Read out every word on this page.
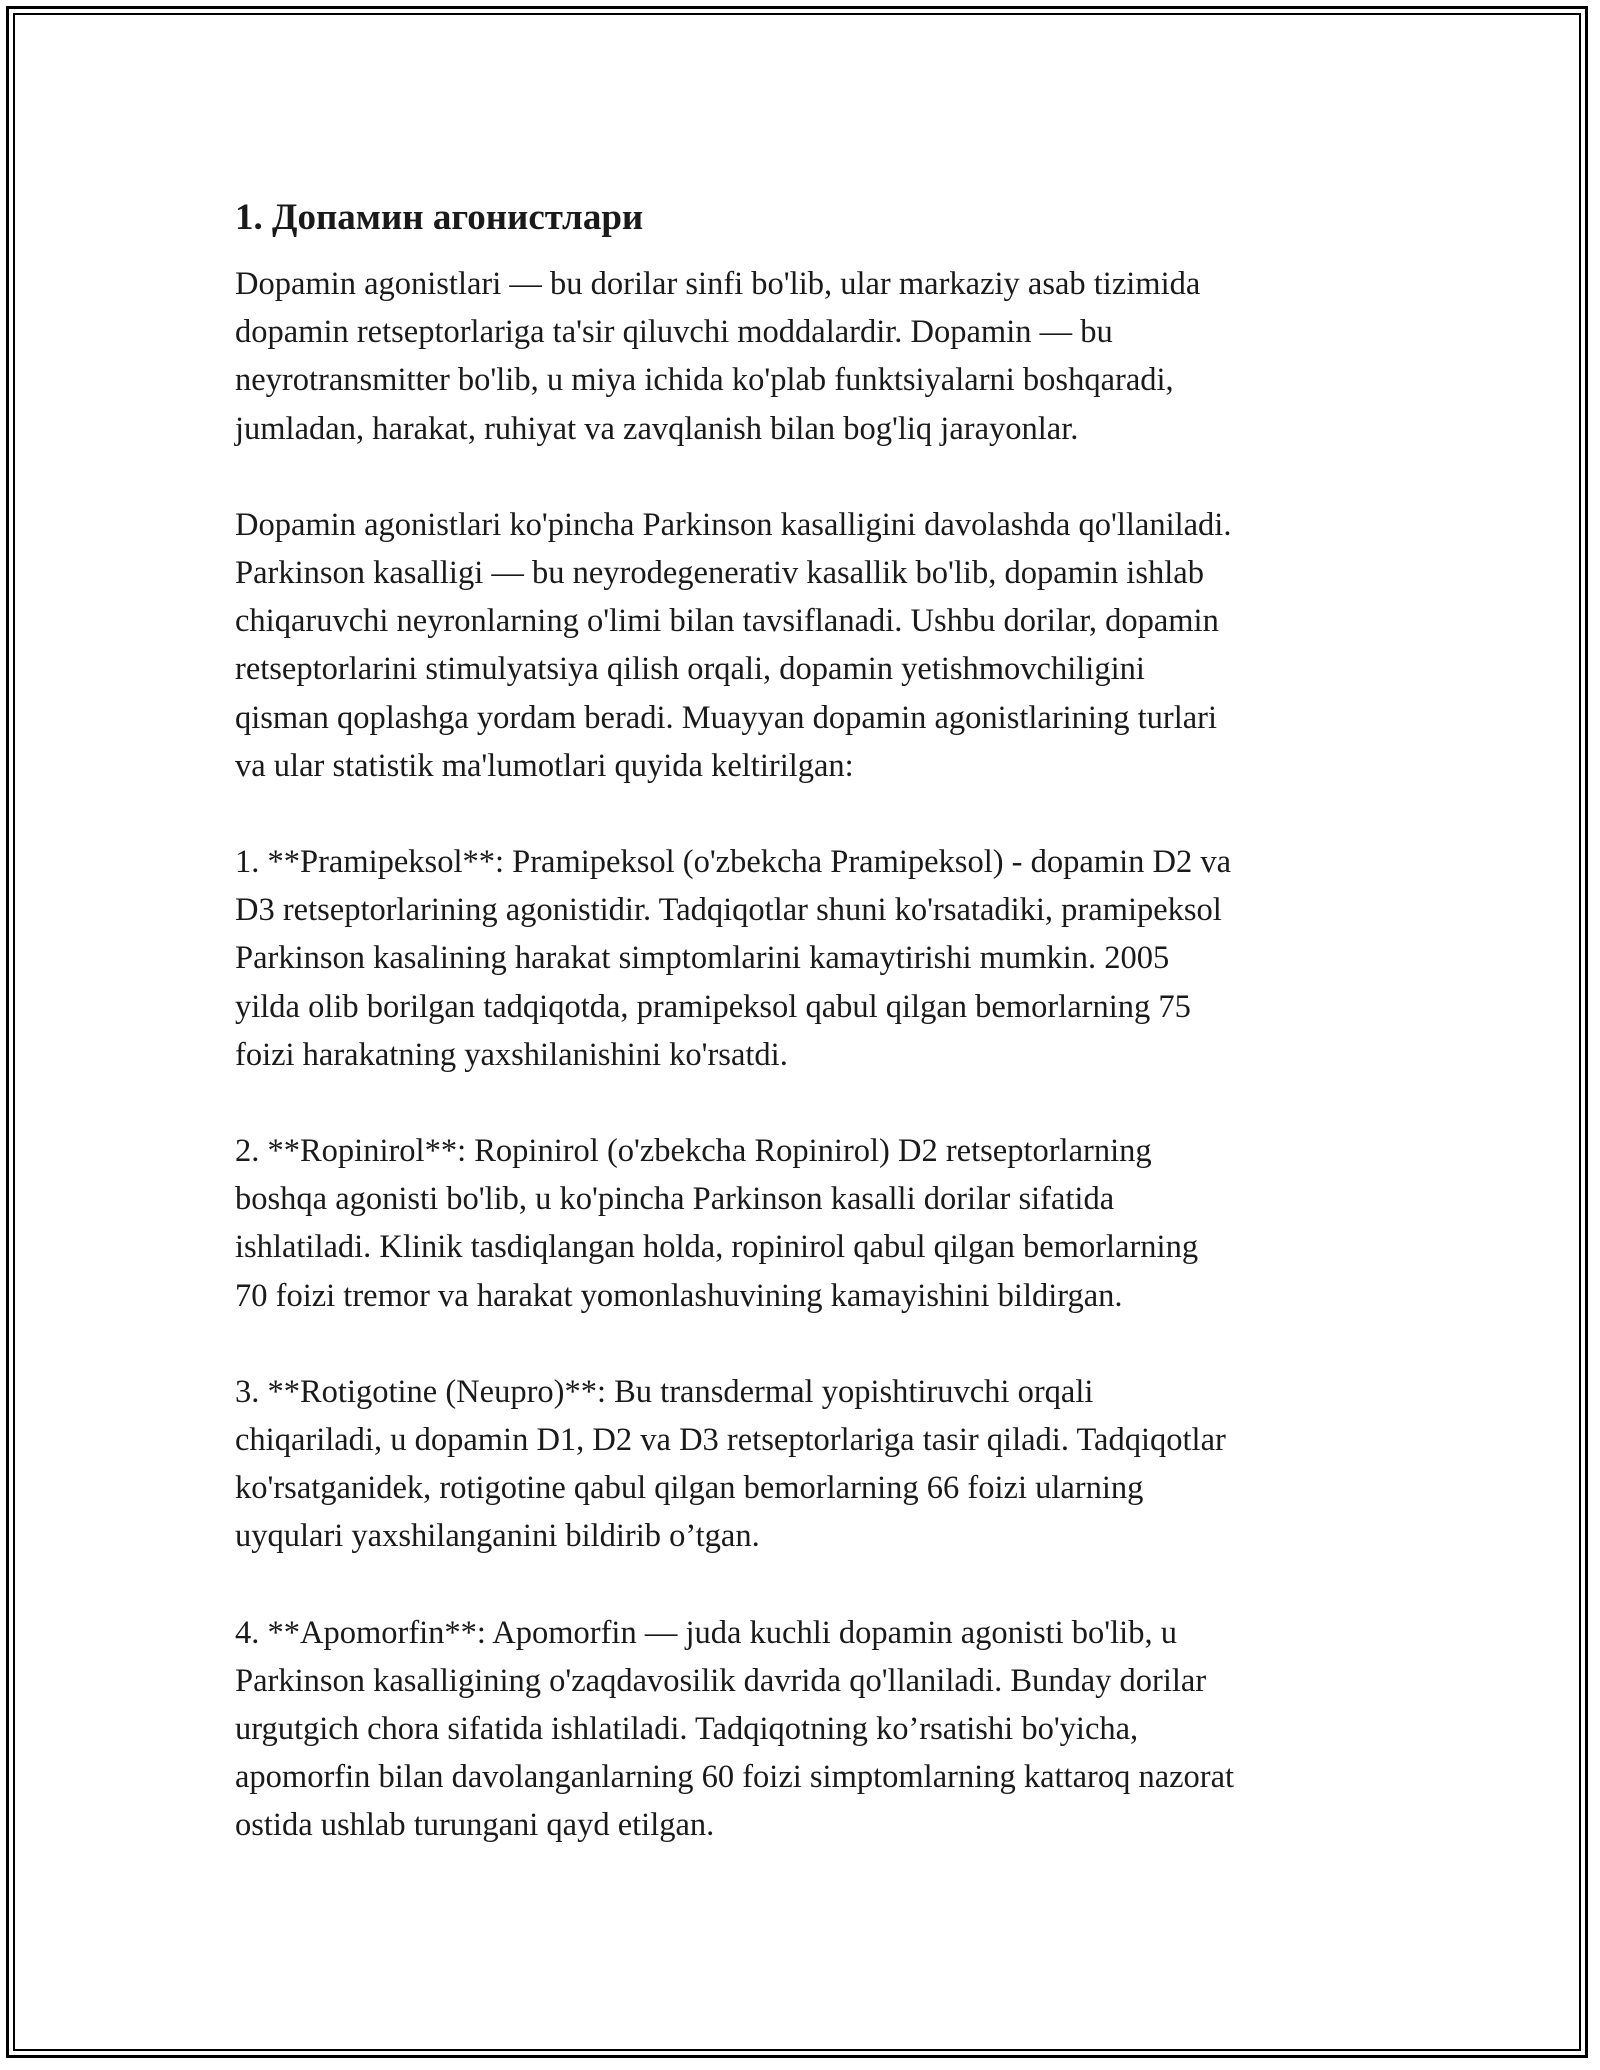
1. Допамин агонистлари
Dopamin agonistlari — bu dorilar sinfi bo'lib, ular markaziy asab tizimida
dopamin retseptorlariga ta'sir qiluvchi moddalardir. Dopamin — bu
neyrotransmitter bo'lib, u miya ichida ko'plab funktsiyalarni boshqaradi,
jumladan, harakat, ruhiyat va zavqlanish bilan bog'liq jarayonlar.
Dopamin agonistlari ko'pincha Parkinson kasalligini davolashda qo'llaniladi.
Parkinson kasalligi — bu neyrodegenerativ kasallik bo'lib, dopamin ishlab
chiqaruvchi neyronlarning o'limi bilan tavsiflanadi. Ushbu dorilar, dopamin
retseptorlarini stimulyatsiya qilish orqali, dopamin yetishmovchiligini
qisman qoplashga yordam beradi. Muayyan dopamin agonistlarining turlari
va ular statistik ma'lumotlari quyida keltirilgan:
1. **Pramipeksol**: Pramipeksol (o'zbekcha Pramipeksol) - dopamin D2 va
D3 retseptorlarining agonistidir. Tadqiqotlar shuni ko'rsatadiki, pramipeksol
Parkinson kasalining harakat simptomlarini kamaytirishi mumkin. 2005
yilda olib borilgan tadqiqotda, pramipeksol qabul qilgan bemorlarning 75
foizi harakatning yaxshilanishini ko'rsatdi.
2. **Ropinirol**: Ropinirol (o'zbekcha Ropinirol) D2 retseptorlarning
boshqa agonisti bo'lib, u ko'pincha Parkinson kasalli dorilar sifatida
ishlatiladi. Klinik tasdiqlangan holda, ropinirol qabul qilgan bemorlarning
70 foizi tremor va harakat yomonlashuvining kamayishini bildirgan.
3. **Rotigotine (Neupro)**: Bu transdermal yopishtiruvchi orqali
chiqariladi, u dopamin D1, D2 va D3 retseptorlariga tasir qiladi. Tadqiqotlar
ko'rsatganidek, rotigotine qabul qilgan bemorlarning 66 foizi ularning
uyqulari yaxshilanganini bildirib o’tgan.
4. **Apomorfin**: Apomorfin — juda kuchli dopamin agonisti bo'lib, u
Parkinson kasalligining o'zaqdavosilik davrida qo'llaniladi. Bunday dorilar
urgutgich chora sifatida ishlatiladi. Tadqiqotning ko’rsatishi bo'yicha,
apomorfin bilan davolanganlarning 60 foizi simptomlarning kattaroq nazorat
ostida ushlab turungani qayd etilgan.
